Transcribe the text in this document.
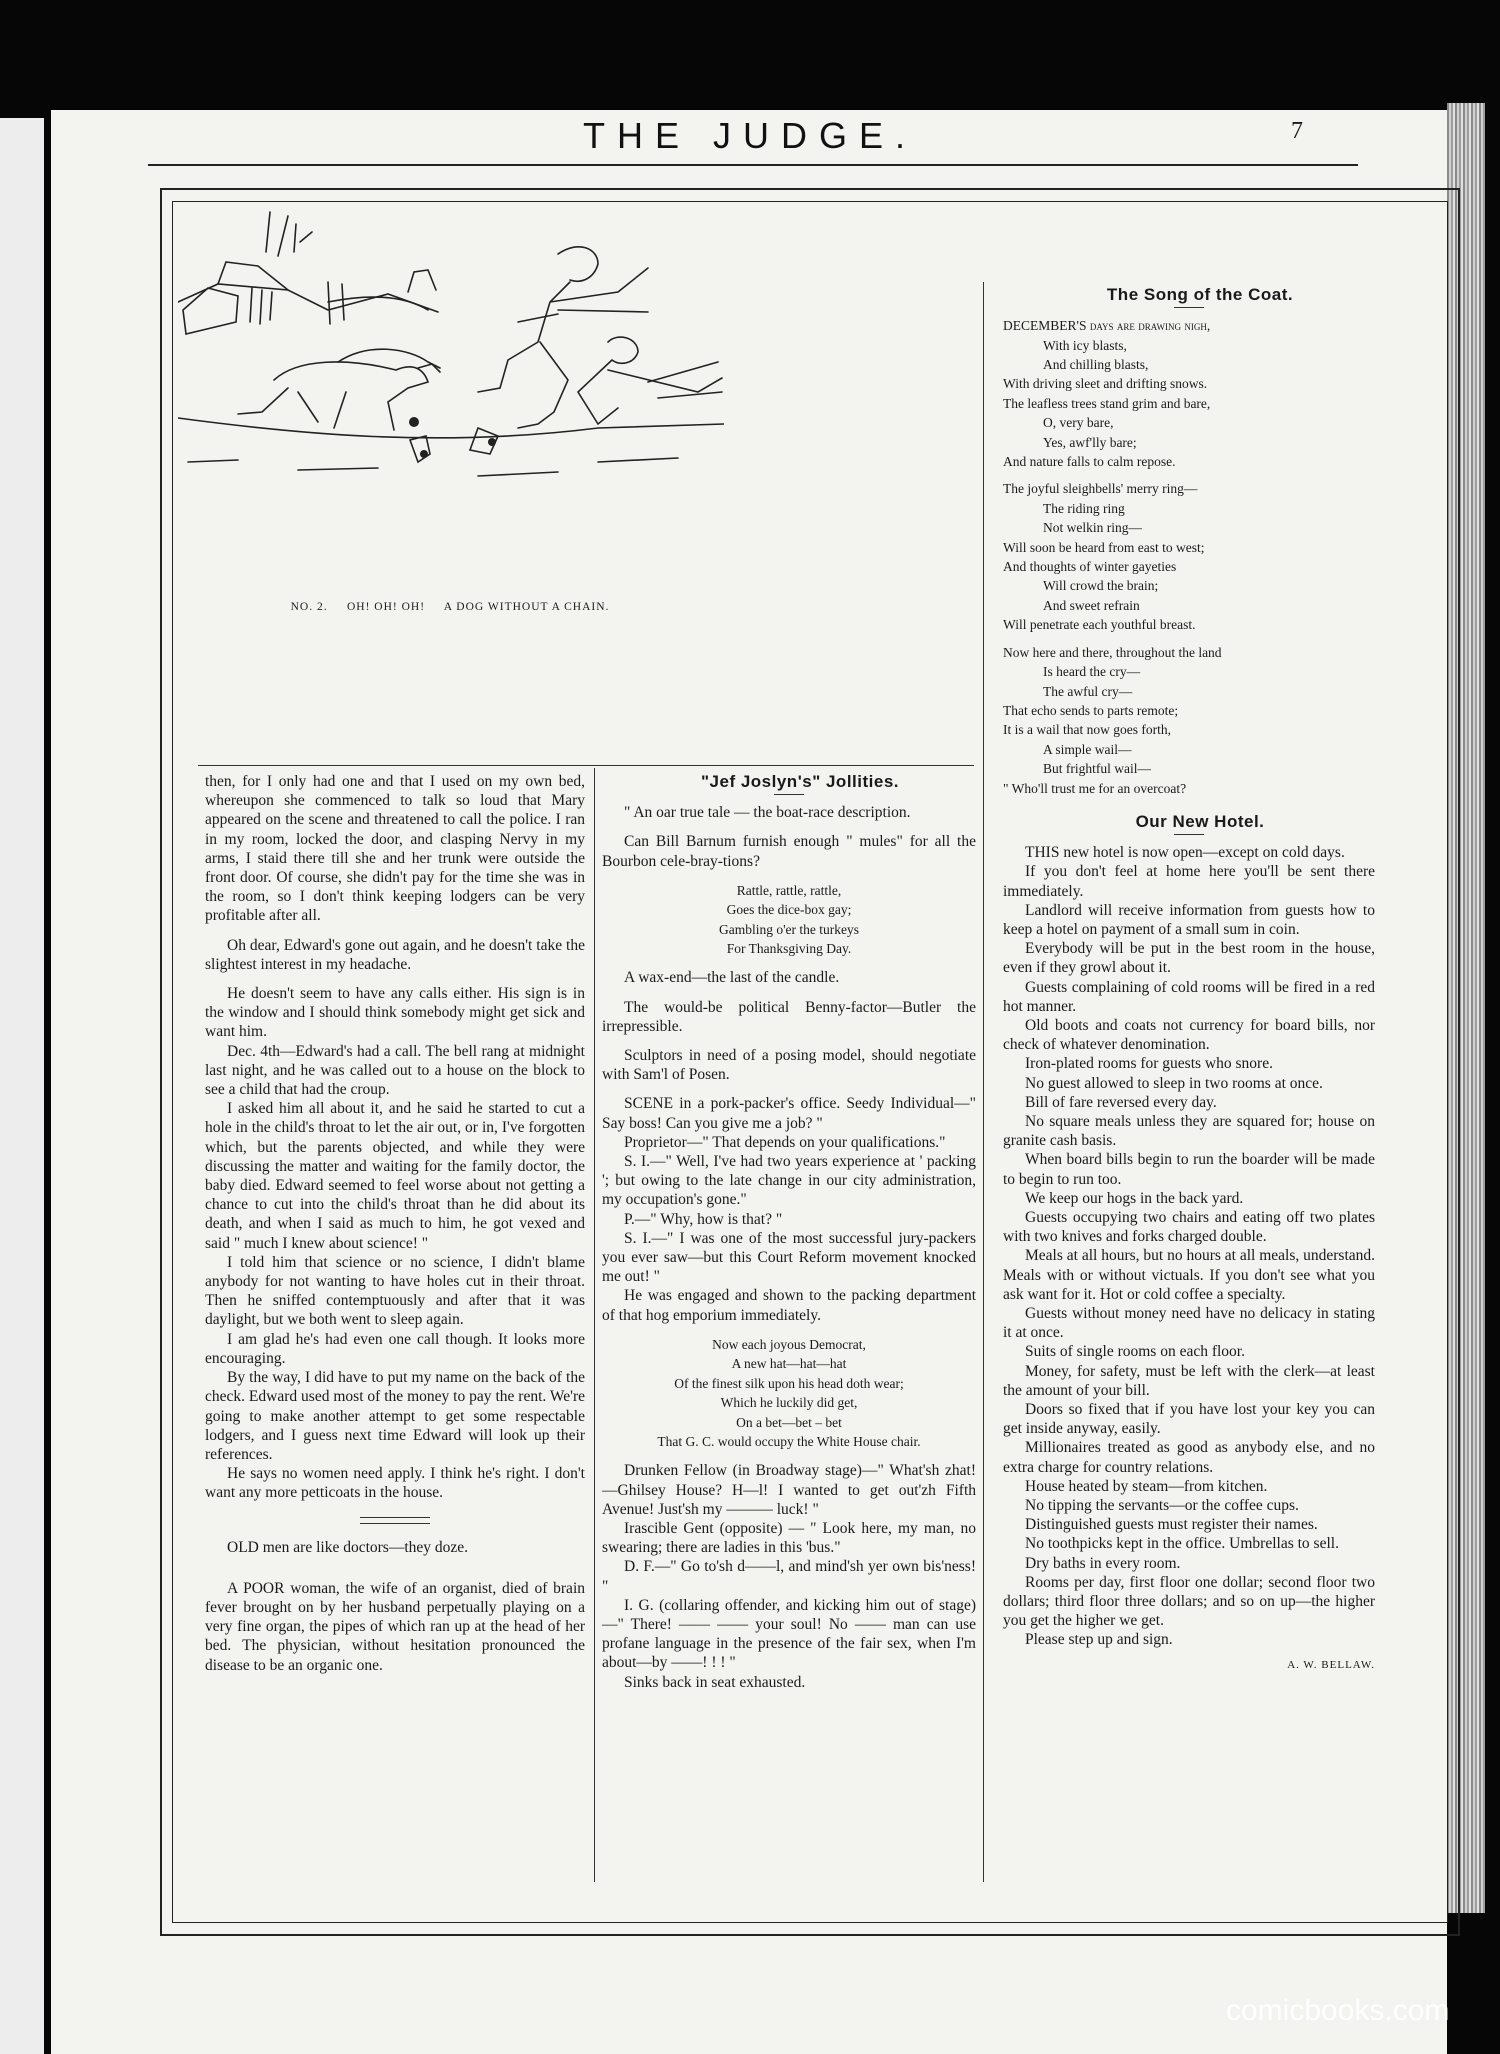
THE JUDGE.	7
NO. 2.     OH! OH! OH!     A DOG WITHOUT A CHAIN.

then, for I only had one and that I used on my own bed, whereupon she commenced to talk so loud that Mary appeared on the scene and threatened to call the police. I ran in my room, locked the door, and clasping Nervy in my arms, I staid there till she and her trunk were outside the front door. Of course, she didn't pay for the time she was in the room, so I don't think keeping lodgers can be very profitable after all.

Oh dear, Edward's gone out again, and he doesn't take the slightest interest in my headache.

He doesn't seem to have any calls either. His sign is in the window and I should think somebody might get sick and want him.

Dec. 4th—Edward's had a call. The bell rang at midnight last night, and he was called out to a house on the block to see a child that had the croup.

I asked him all about it, and he said he started to cut a hole in the child's throat to let the air out, or in, I've forgotten which, but the parents objected, and while they were discussing the matter and waiting for the family doctor, the baby died. Edward seemed to feel worse about not getting a chance to cut into the child's throat than he did about its death, and when I said as much to him, he got vexed and said " much I knew about science! "

I told him that science or no science, I didn't blame anybody for not wanting to have holes cut in their throat. Then he sniffed contemptuously and after that it was daylight, but we both went to sleep again.

I am glad he's had even one call though. It looks more encouraging.

By the way, I did have to put my name on the back of the check. Edward used most of the money to pay the rent. We're going to make another attempt to get some respectable lodgers, and I guess next time Edward will look up their references.

He says no women need apply. I think he's right. I don't want any more petticoats in the house.

OLD men are like doctors—they doze.

A POOR woman, the wife of an organist, died of brain fever brought on by her husband perpetually playing on a very fine organ, the pipes of which ran up at the head of her bed. The physician, without hesitation pronounced the disease to be an organic one.

"Jef Joslyn's" Jollities.

" An oar true tale — the boat-race description.

Can Bill Barnum furnish enough " mules" for all the Bourbon cele-bray-tions?

Rattle, rattle, rattle,
Goes the dice-box gay;
Gambling o'er the turkeys
For Thanksgiving Day.

A wax-end—the last of the candle.

The would-be political Benny-factor—Butler the irrepressible.

Sculptors in need of a posing model, should negotiate with Sam'l of Posen.

SCENE in a pork-packer's office. Seedy Individual—" Say boss! Can you give me a job? "

Proprietor—" That depends on your qualifications."

S. I.—" Well, I've had two years experience at ' packing '; but owing to the late change in our city administration, my occupation's gone."

P.—" Why, how is that? "

S. I.—" I was one of the most successful jury-packers you ever saw—but this Court Reform movement knocked me out! "

He was engaged and shown to the packing department of that hog emporium immediately.

Now each joyous Democrat,
A new hat—hat—hat
Of the finest silk upon his head doth wear;
Which he luckily did get,
On a bet—bet – bet
That G. C. would occupy the White House chair.

Drunken Fellow (in Broadway stage)—" What'sh zhat!—Ghilsey House? H—l! I wanted to get out'zh Fifth Avenue! Just'sh my ——— luck! "

Irascible Gent (opposite) — " Look here, my man, no swearing; there are ladies in this 'bus."

D. F.—" Go to'sh d——l, and mind'sh yer own bis'ness! "

I. G. (collaring offender, and kicking him out of stage)—" There! —— —— your soul! No —— man can use profane language in the presence of the fair sex, when I'm about—by ——! ! ! "

Sinks back in seat exhausted.

The Song of the Coat.

DECEMBER'S days are drawing nigh,
With icy blasts,
And chilling blasts,
With driving sleet and drifting snows.
The leafless trees stand grim and bare,
O, very bare,
Yes, awf'lly bare;
And nature falls to calm repose.
The joyful sleighbells' merry ring—
The riding ring
Not welkin ring—
Will soon be heard from east to west;
And thoughts of winter gayeties
Will crowd the brain;
And sweet refrain
Will penetrate each youthful breast.
Now here and there, throughout the land
Is heard the cry—
The awful cry—
That echo sends to parts remote;
It is a wail that now goes forth,
A simple wail—
But frightful wail—
" Who'll trust me for an overcoat?

Our New Hotel.

THIS new hotel is now open—except on cold days.

If you don't feel at home here you'll be sent there immediately.

Landlord will receive information from guests how to keep a hotel on payment of a small sum in coin.

Everybody will be put in the best room in the house, even if they growl about it.

Guests complaining of cold rooms will be fired in a red hot manner.

Old boots and coats not currency for board bills, nor check of whatever denomination.

Iron-plated rooms for guests who snore.

No guest allowed to sleep in two rooms at once.

Bill of fare reversed every day.

No square meals unless they are squared for; house on granite cash basis.

When board bills begin to run the boarder will be made to begin to run too.

We keep our hogs in the back yard.

Guests occupying two chairs and eating off two plates with two knives and forks charged double.

Meals at all hours, but no hours at all meals, understand. Meals with or without victuals. If you don't see what you ask want for it. Hot or cold coffee a specialty.

Guests without money need have no delicacy in stating it at once.

Suits of single rooms on each floor.

Money, for safety, must be left with the clerk—at least the amount of your bill.

Doors so fixed that if you have lost your key you can get inside anyway, easily.

Millionaires treated as good as anybody else, and no extra charge for country relations.

House heated by steam—from kitchen.

No tipping the servants—or the coffee cups.

Distinguished guests must register their names.

No toothpicks kept in the office. Umbrellas to sell.

Dry baths in every room.

Rooms per day, first floor one dollar; second floor two dollars; third floor three dollars; and so on up—the higher you get the higher we get.

Please step up and sign.

A. W. BELLAW.
comicbooks.com
